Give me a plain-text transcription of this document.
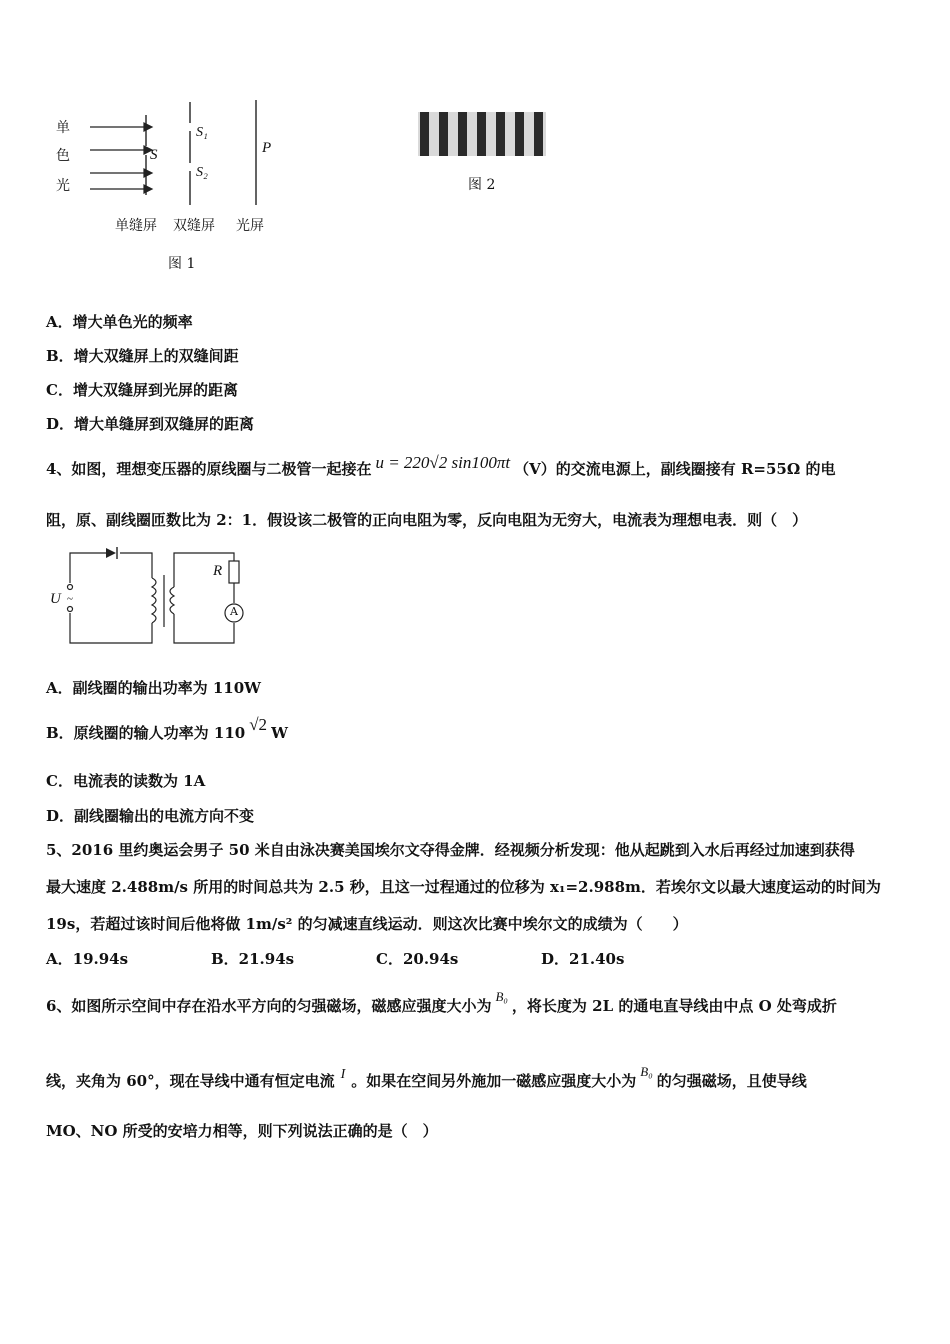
单
色
光
S
S₁
S₂
P
单缝屏 双缝屏 光屏
图 1
图 2
A．增大单色光的频率
B．增大双缝屏上的双缝间距
C．增大双缝屏到光屏的距离
D．增大单缝屏到双缝屏的距离
4、如图，理想变压器的原线圈与二极管一起接在 u = 220√2 sin100πt （V）的交流电源上，副线圈接有 R=55Ω 的电
阻，原、副线圈匝数比为 2：1．假设该二极管的正向电阻为零，反向电阻为无穷大，电流表为理想电表．则（　）
~
U
R
A
A．副线圈的输出功率为 110W
B．原线圈的输人功率为 110 √2 W
C．电流表的读数为 1A
D．副线圈输出的电流方向不变
5、2016 里约奥运会男子 50 米自由泳决赛美国埃尔文夺得金牌．经视频分析发现：他从起跳到入水后再经过加速到获得
最大速度 2.488m/s 所用的时间总共为 2.5 秒，且这一过程通过的位移为 x₁=2.988m．若埃尔文以最大速度运动的时间为
19s，若超过该时间后他将做 1m/s² 的匀减速直线运动．则这次比赛中埃尔文的成绩为（　　）
A．19.94s	B．21.94s	C．20.94s	D．21.40s
6、如图所示空间中存在沿水平方向的匀强磁场，磁感应强度大小为B₀，将长度为 2L 的通电直导线由中点 O 处弯成折
线，夹角为 60°，现在导线中通有恒定电流 I 。如果在空间另外施加一磁感应强度大小为B₀的匀强磁场，且使导线
MO、NO 所受的安培力相等，则下列说法正确的是（　）
